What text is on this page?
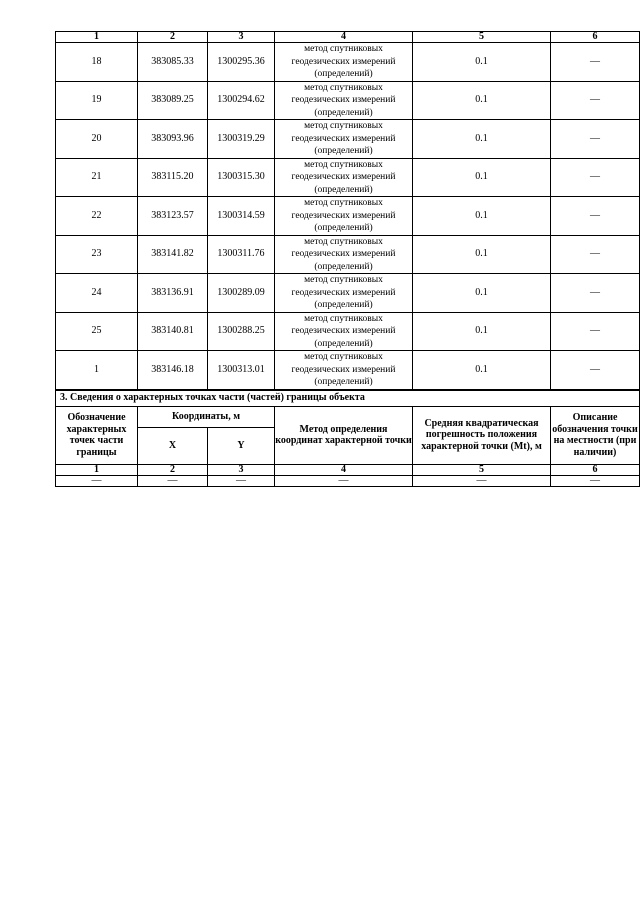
1	2	3	4	5	6
18	383085.33	1300295.36	метод спутниковых
геодезических измерений
(определений)	0.1	—
19	383089.25	1300294.62	метод спутниковых
геодезических измерений
(определений)	0.1	—
20	383093.96	1300319.29	метод спутниковых
геодезических измерений
(определений)	0.1	—
21	383115.20	1300315.30	метод спутниковых
геодезических измерений
(определений)	0.1	—
22	383123.57	1300314.59	метод спутниковых
геодезических измерений
(определений)	0.1	—
23	383141.82	1300311.76	метод спутниковых
геодезических измерений
(определений)	0.1	—
24	383136.91	1300289.09	метод спутниковых
геодезических измерений
(определений)	0.1	—
25	383140.81	1300288.25	метод спутниковых
геодезических измерений
(определений)	0.1	—
1	383146.18	1300313.01	метод спутниковых
геодезических измерений
(определений)	0.1	—
3. Сведения о характерных точках части (частей) границы объекта					
Обозначение характерных точек части границы	Координаты, м		Метод определения координат характерной точки	Средняя квадратическая погрешность положения характерной точки (Мt), м	Описание обозначения точки на местности (при наличии)
	X	Y			
1	2	3	4	5	6
—	—	—	—	—	—
